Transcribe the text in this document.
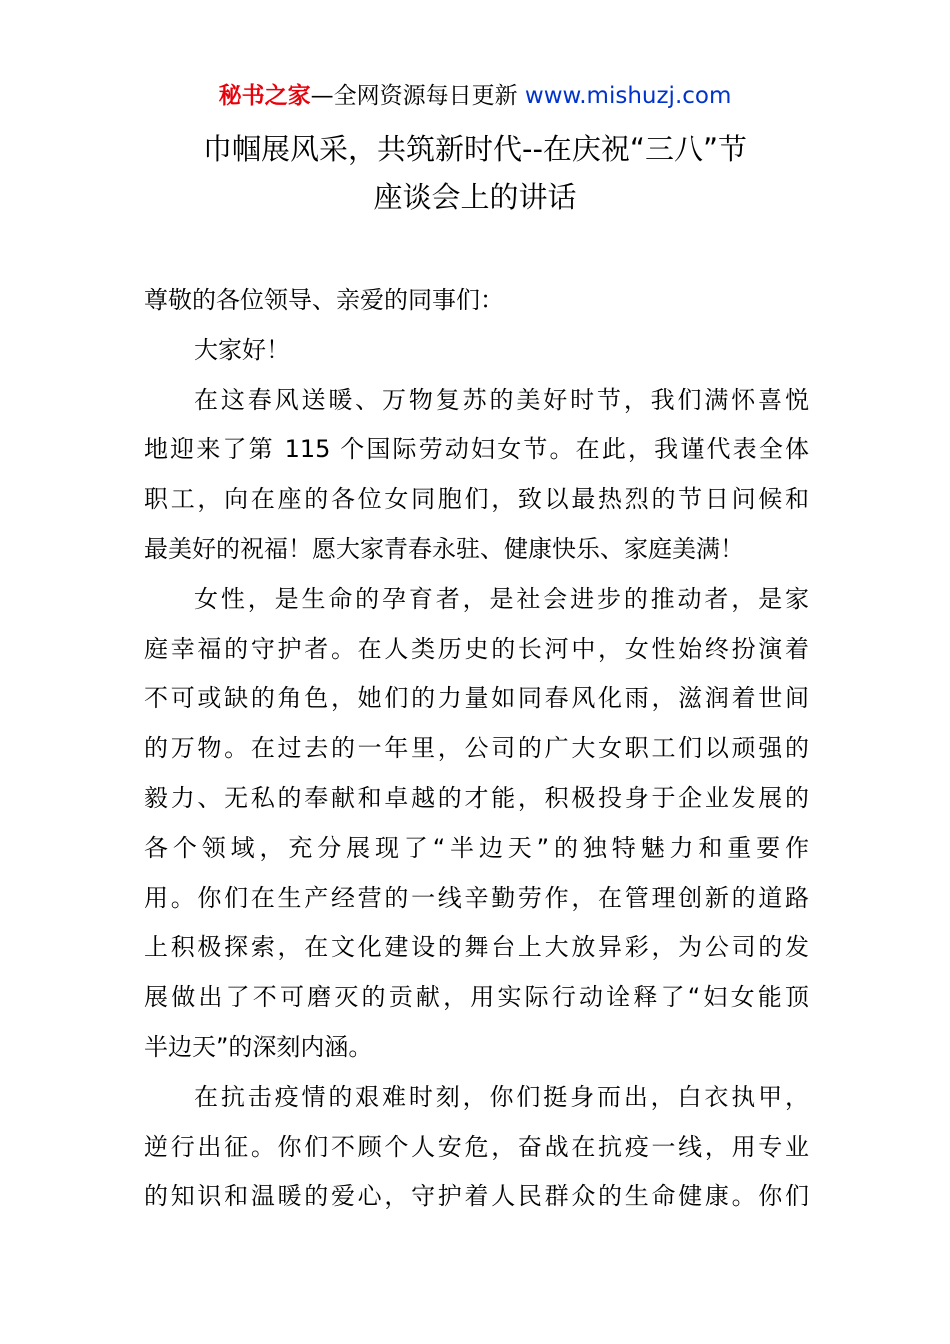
秘书之家—全网资源每日更新 www.mishuzj.com
巾帼展风采，共筑新时代--在庆祝“三八”节
座谈会上的讲话
尊敬的各位领导、亲爱的同事们：
大家好！
在这春风送暖、万物复苏的美好时节，我们满怀喜悦
地迎来了第 115 个国际劳动妇女节。在此，我谨代表全体
职工，向在座的各位女同胞们，致以最热烈的节日问候和
最美好的祝福！愿大家青春永驻、健康快乐、家庭美满！
女性，是生命的孕育者，是社会进步的推动者，是家
庭幸福的守护者。在人类历史的长河中，女性始终扮演着
不可或缺的角色，她们的力量如同春风化雨，滋润着世间
的万物。在过去的一年里，公司的广大女职工们以顽强的
毅力、无私的奉献和卓越的才能，积极投身于企业发展的
各个领域，充分展现了“半边天”的独特魅力和重要作
用。你们在生产经营的一线辛勤劳作，在管理创新的道路
上积极探索，在文化建设的舞台上大放异彩，为公司的发
展做出了不可磨灭的贡献，用实际行动诠释了“妇女能顶
半边天”的深刻内涵。
在抗击疫情的艰难时刻，你们挺身而出，白衣执甲，
逆行出征。你们不顾个人安危，奋战在抗疫一线，用专业
的知识和温暖的爱心，守护着人民群众的生命健康。你们
